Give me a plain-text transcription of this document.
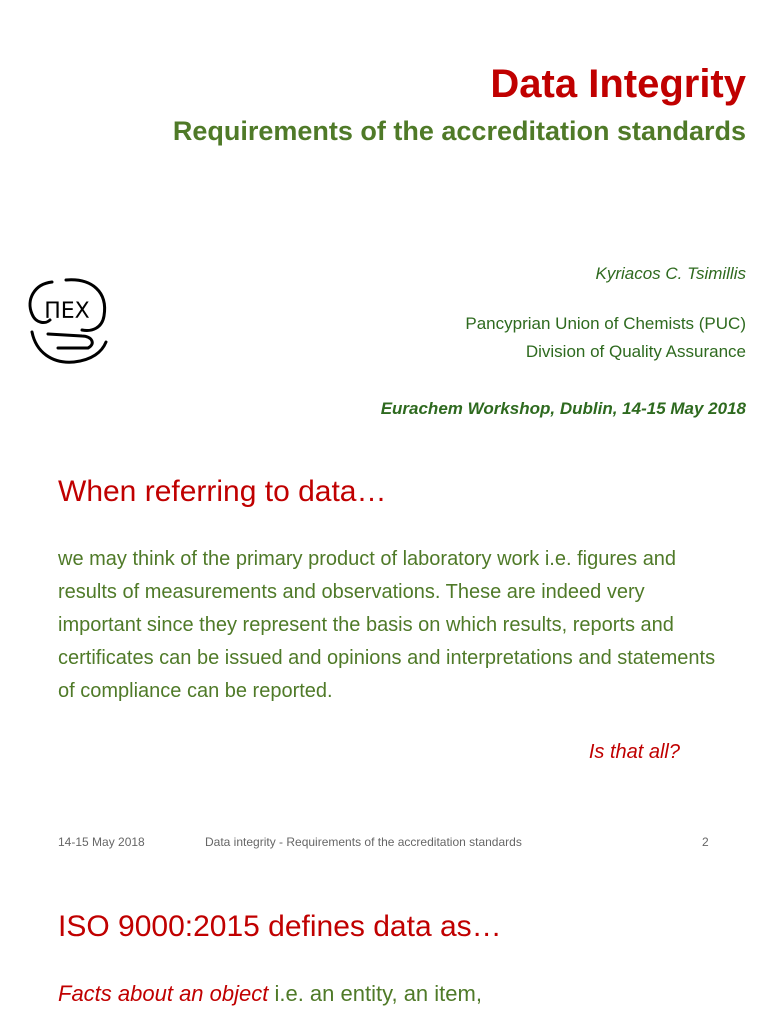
Data Integrity
Requirements of the accreditation standards
ΠΕΧ
Kyriacos C. Tsimillis
Pancyprian Union of Chemists (PUC)
Division of Quality Assurance
Eurachem Workshop, Dublin, 14-15 May 2018
When referring to data…
we may think of the primary product of laboratory work i.e. figures and results of measurements and observations. These are indeed very important since they represent the basis on which results, reports and certificates can be issued and opinions and interpretations and statements of compliance can be reported.
Is that all?
14-15 May 2018	Data integrity - Requirements of the accreditation standards	2
ISO 9000:2015 defines data as…
Facts about an object i.e. an entity, an item,
